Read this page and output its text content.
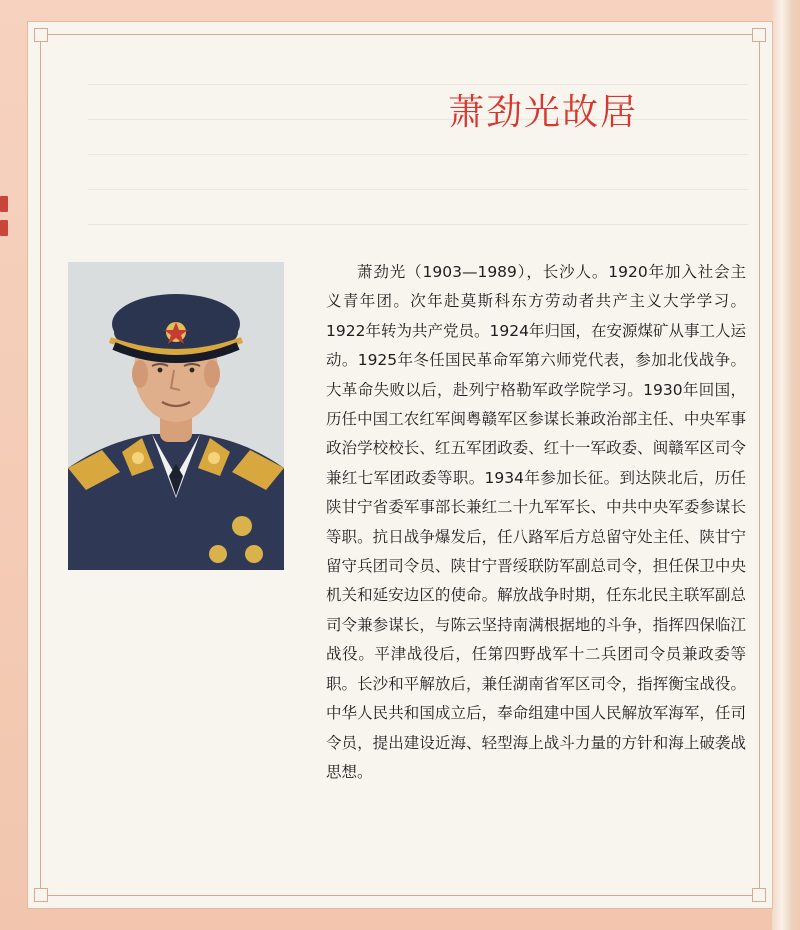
萧劲光故居
萧劲光（1903—1989），长沙人。1920年加入社会主义青年团。次年赴莫斯科东方劳动者共产主义大学学习。1922年转为共产党员。1924年归国，在安源煤矿从事工人运动。1925年冬任国民革命军第六师党代表，参加北伐战争。大革命失败以后，赴列宁格勒军政学院学习。1930年回国，历任中国工农红军闽粤赣军区参谋长兼政治部主任、中央军事政治学校校长、红五军团政委、红十一军政委、闽赣军区司令兼红七军团政委等职。1934年参加长征。到达陕北后，历任陕甘宁省委军事部长兼红二十九军军长、中共中央军委参谋长等职。抗日战争爆发后，任八路军后方总留守处主任、陕甘宁留守兵团司令员、陕甘宁晋绥联防军副总司令，担任保卫中央机关和延安边区的使命。解放战争时期，任东北民主联军副总司令兼参谋长，与陈云坚持南满根据地的斗争，指挥四保临江战役。平津战役后，任第四野战军十二兵团司令员兼政委等职。长沙和平解放后，兼任湖南省军区司令，指挥衡宝战役。中华人民共和国成立后，奉命组建中国人民解放军海军，任司令员，提出建设近海、轻型海上战斗力量的方针和海上破袭战思想。
